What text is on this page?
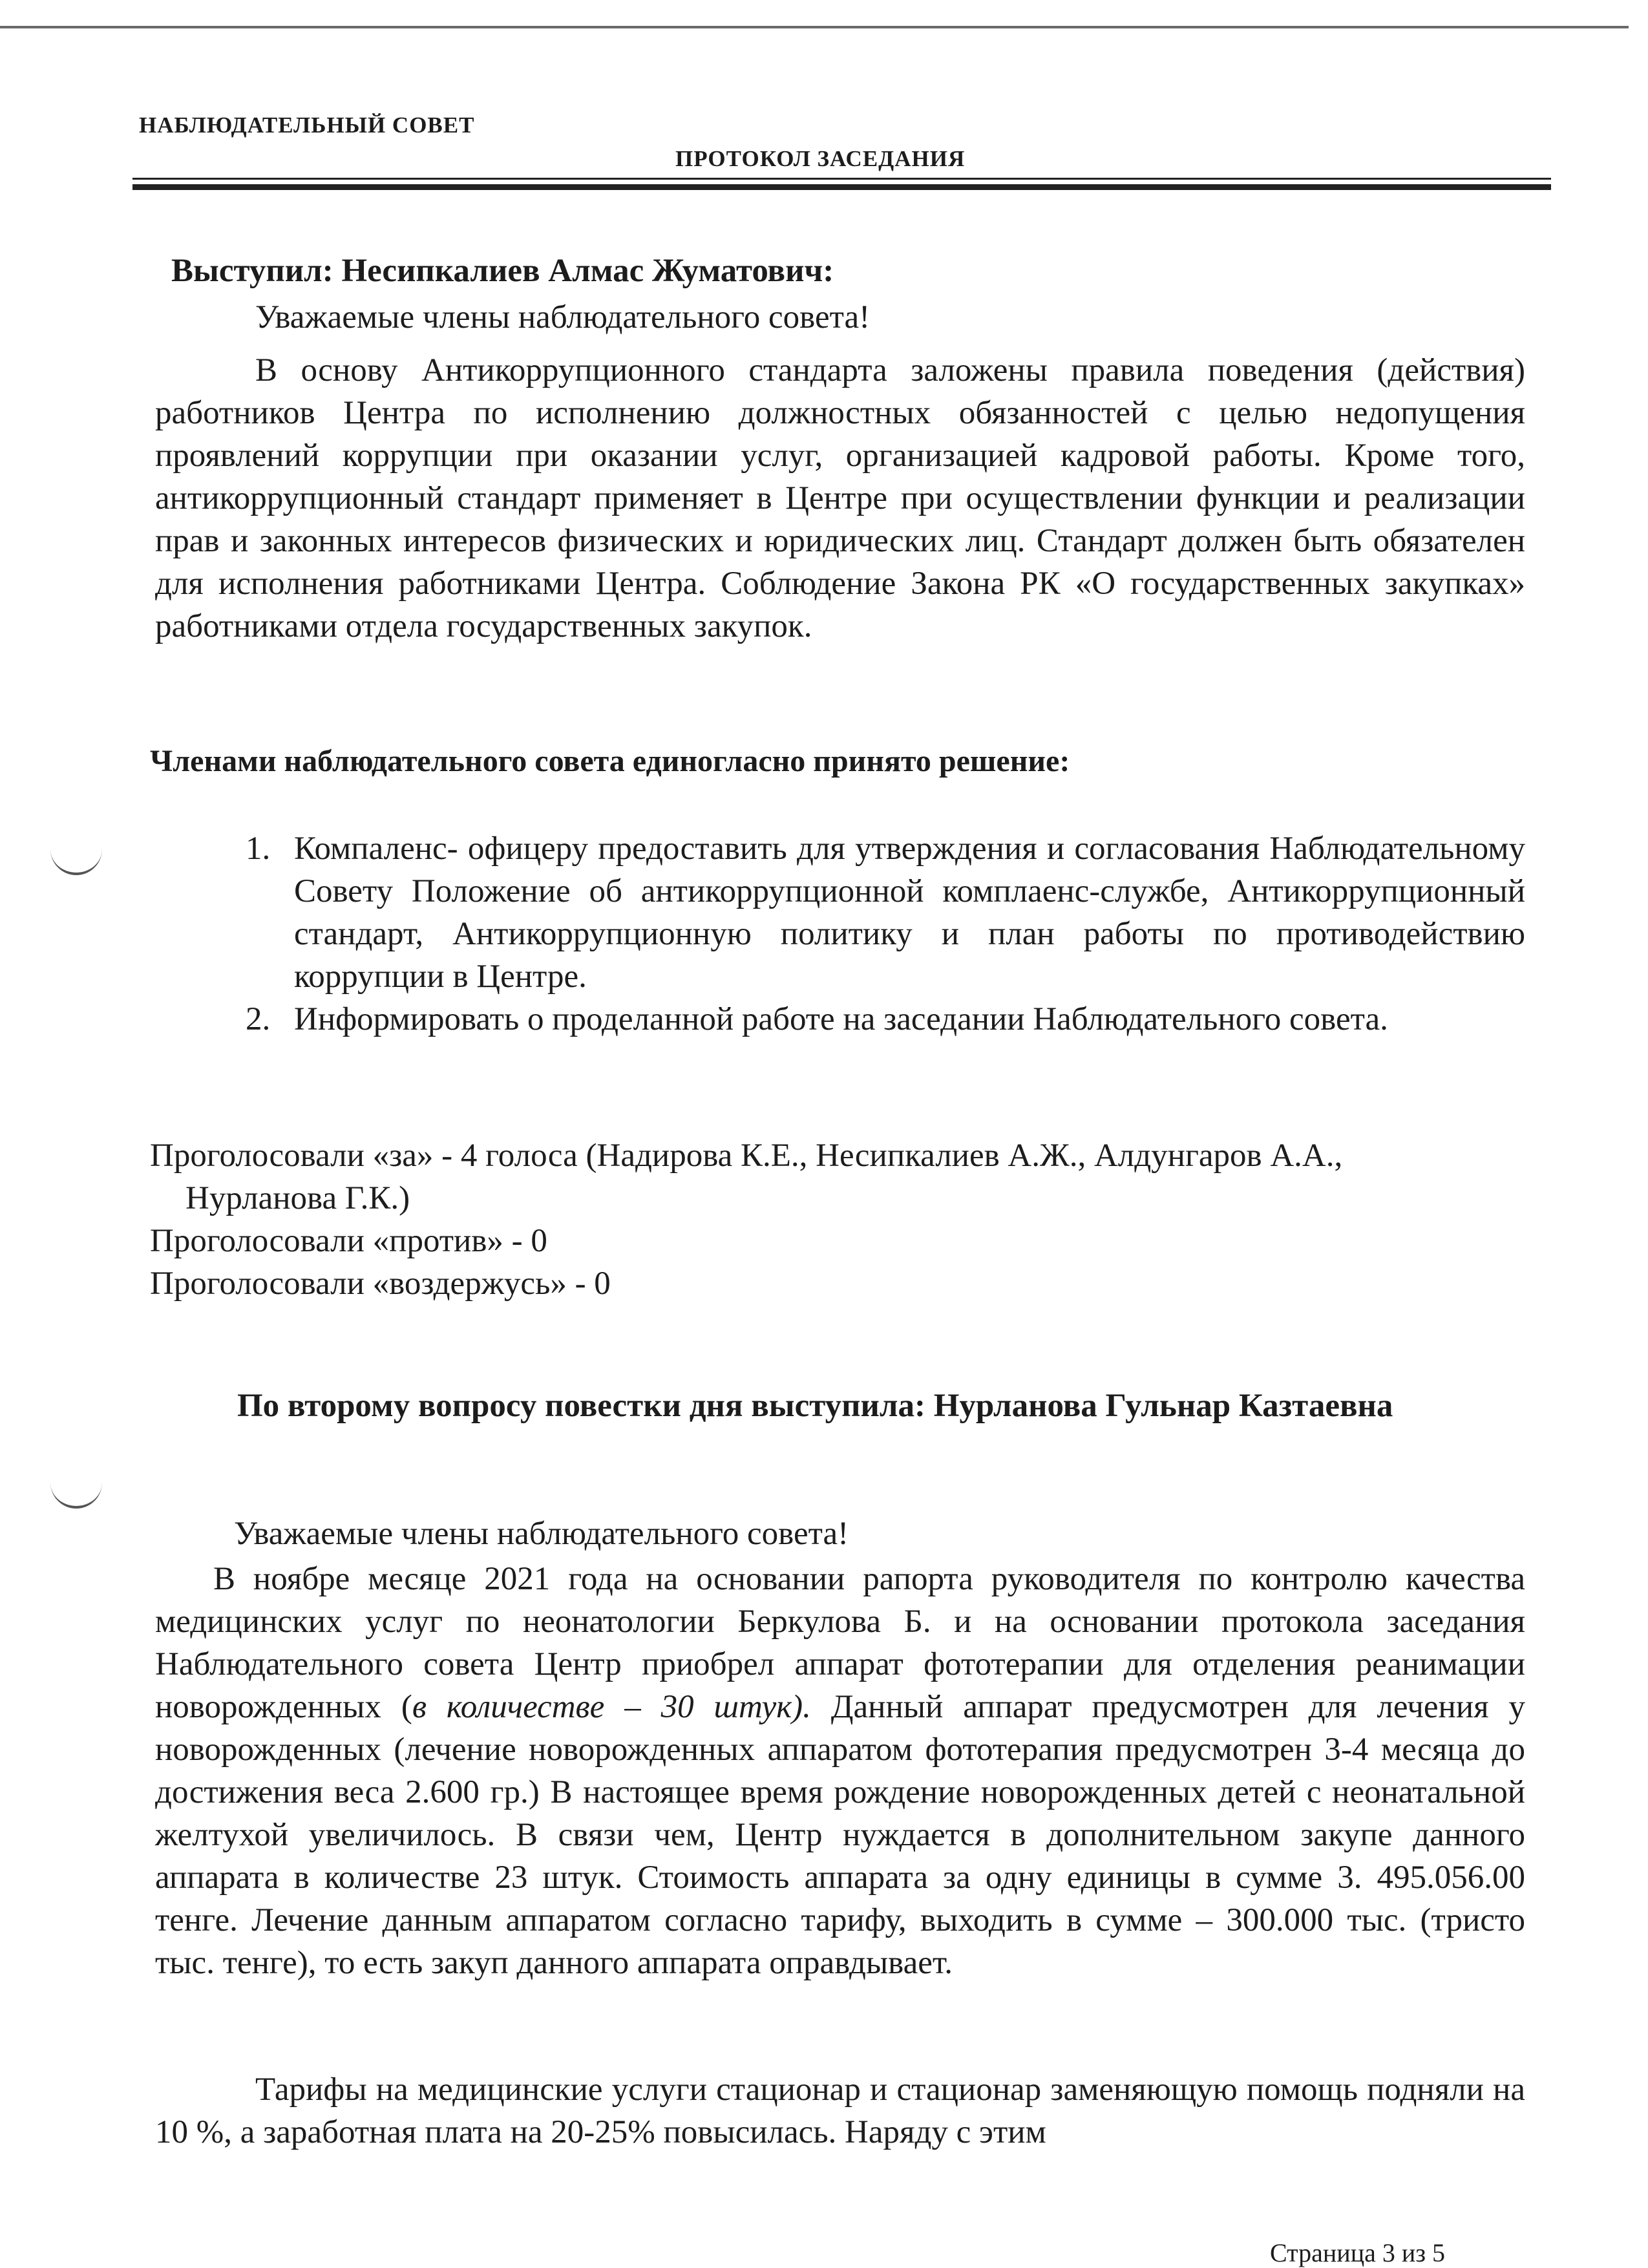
НАБЛЮДАТЕЛЬНЫЙ СОВЕТ
ПРОТОКОЛ ЗАСЕДАНИЯ
Выступил: Несипкалиев Алмас Жуматович:
Уважаемые члены наблюдательного совета!
В основу Антикоррупционного стандарта заложены правила поведения (действия) работников Центра по исполнению должностных обязанностей с целью недопущения проявлений коррупции при оказании услуг, организацией кадровой работы. Кроме того, антикоррупционный стандарт применяет в Центре при осуществлении функции и реализации прав и законных интересов физических и юридических лиц. Стандарт должен быть обязателен для исполнения работниками Центра. Соблюдение Закона РК «О государственных закупках» работниками отдела государственных закупок.
Членами наблюдательного совета единогласно принято решение:
1. Компаленс- офицеру предоставить для утверждения и согласования Наблюдательному Совету Положение об антикоррупционной комплаенс-службе, Антикоррупционный стандарт, Антикоррупционную политику и план работы по противодействию коррупции в Центре.
2. Информировать о проделанной работе на заседании Наблюдательного совета.
Проголосовали «за» - 4 голоса (Надирова К.Е., Несипкалиев А.Ж., Алдунгаров А.А.,
Нурланова Г.К.)
Проголосовали «против» - 0
Проголосовали «воздержусь» - 0
По второму вопросу повестки дня выступила: Нурланова Гульнар Казтаевна
Уважаемые члены наблюдательного совета!
В ноябре месяце 2021 года на основании рапорта руководителя по контролю качества медицинских услуг по неонатологии Беркулова Б. и на основании протокола заседания Наблюдательного совета Центр приобрел аппарат фототерапии для отделения реанимации новорожденных (в количестве – 30 штук). Данный аппарат предусмотрен для лечения у новорожденных (лечение новорожденных аппаратом фототерапия предусмотрен 3-4 месяца до достижения веса 2.600 гр.) В настоящее время рождение новорожденных детей с неонатальной желтухой увеличилось. В связи чем, Центр нуждается в дополнительном закупе данного аппарата в количестве 23 штук. Стоимость аппарата за одну единицы в сумме 3. 495.056.00 тенге. Лечение данным аппаратом согласно тарифу, выходить в сумме – 300.000 тыс. (тристо тыс. тенге), то есть закуп данного аппарата оправдывает.
Тарифы на медицинские услуги стационар и стационар заменяющую помощь подняли на 10 %, а заработная плата на 20-25% повысилась. Наряду с этим
Страница 3 из 5
